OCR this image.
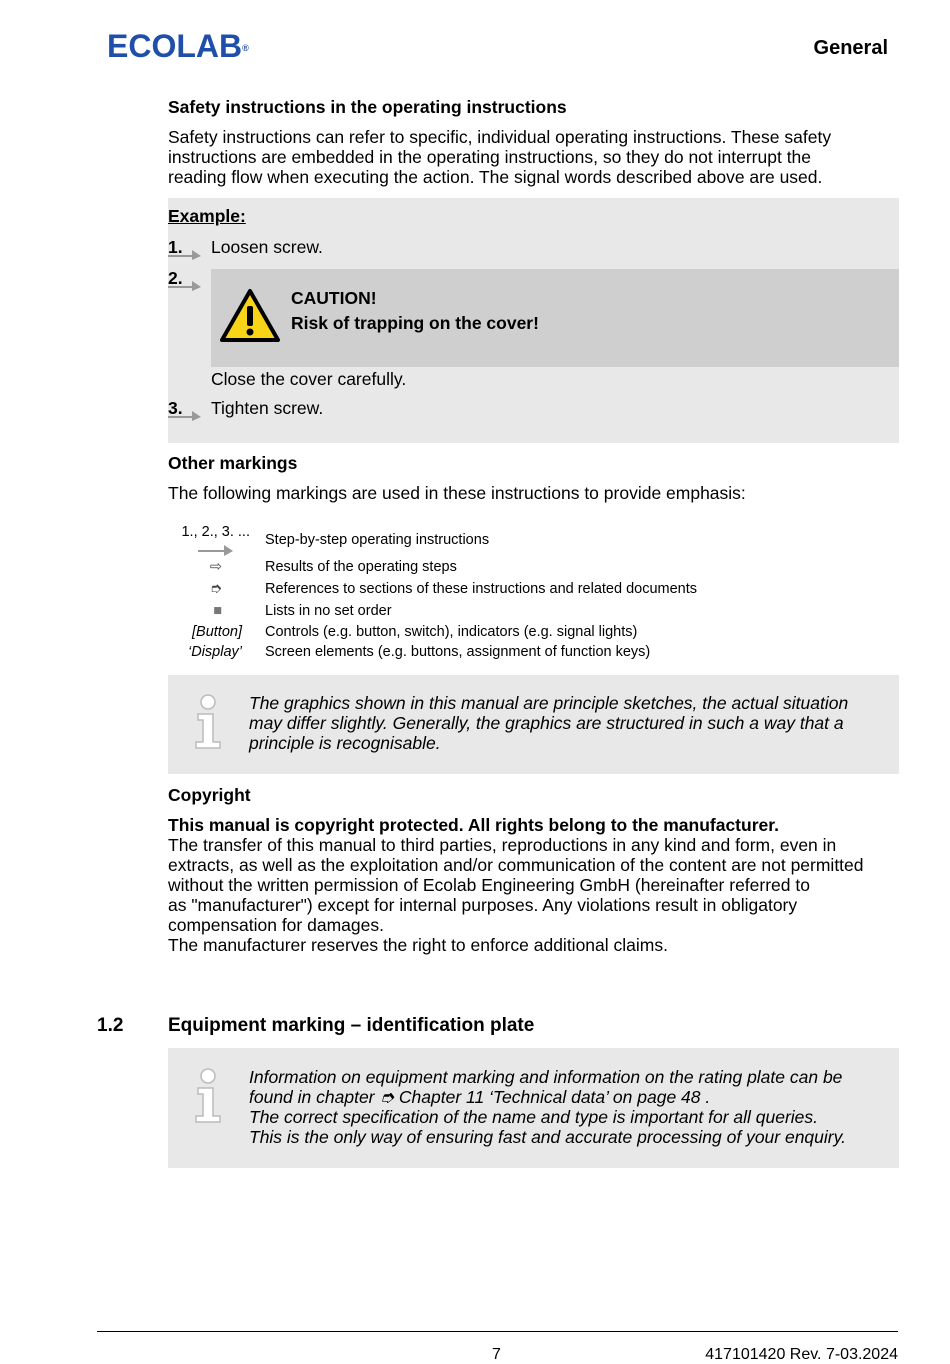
ECOLAB®	General
Safety instructions in the operating instructions
Safety instructions can refer to specific, individual operating instructions. These safety
instructions are embedded in the operating instructions, so they do not interrupt the
reading flow when executing the action. The signal words described above are used.
Example:
1. Loosen screw.
2.
CAUTION!
Risk of trapping on the cover!
Close the cover carefully.
3. Tighten screw.
Other markings
The following markings are used in these instructions to provide emphasis:
1., 2., 3. ... Step-by-step operating instructions
⇨	Results of the operating steps
➮	References to sections of these instructions and related documents
■	Lists in no set order
[Button] Controls (e.g. button, switch), indicators (e.g. signal lights)
‘Display’ Screen elements (e.g. buttons, assignment of function keys)
The graphics shown in this manual are principle sketches, the actual situation
may differ slightly. Generally, the graphics are structured in such a way that a
principle is recognisable.
Copyright
This manual is copyright protected. All rights belong to the manufacturer.
The transfer of this manual to third parties, reproductions in any kind and form, even in
extracts, as well as the exploitation and/or communication of the content are not permitted
without the written permission of Ecolab Engineering GmbH (hereinafter referred to
as "manufacturer") except for internal purposes. Any violations result in obligatory
compensation for damages.
The manufacturer reserves the right to enforce additional claims.
1.2 Equipment marking – identification plate
Information on equipment marking and information on the rating plate can be
found in chapter ➮ Chapter 11 ‘Technical data’ on page 48 .
The correct specification of the name and type is important for all queries.
This is the only way of ensuring fast and accurate processing of your enquiry.
7	417101420 Rev. 7-03.2024
